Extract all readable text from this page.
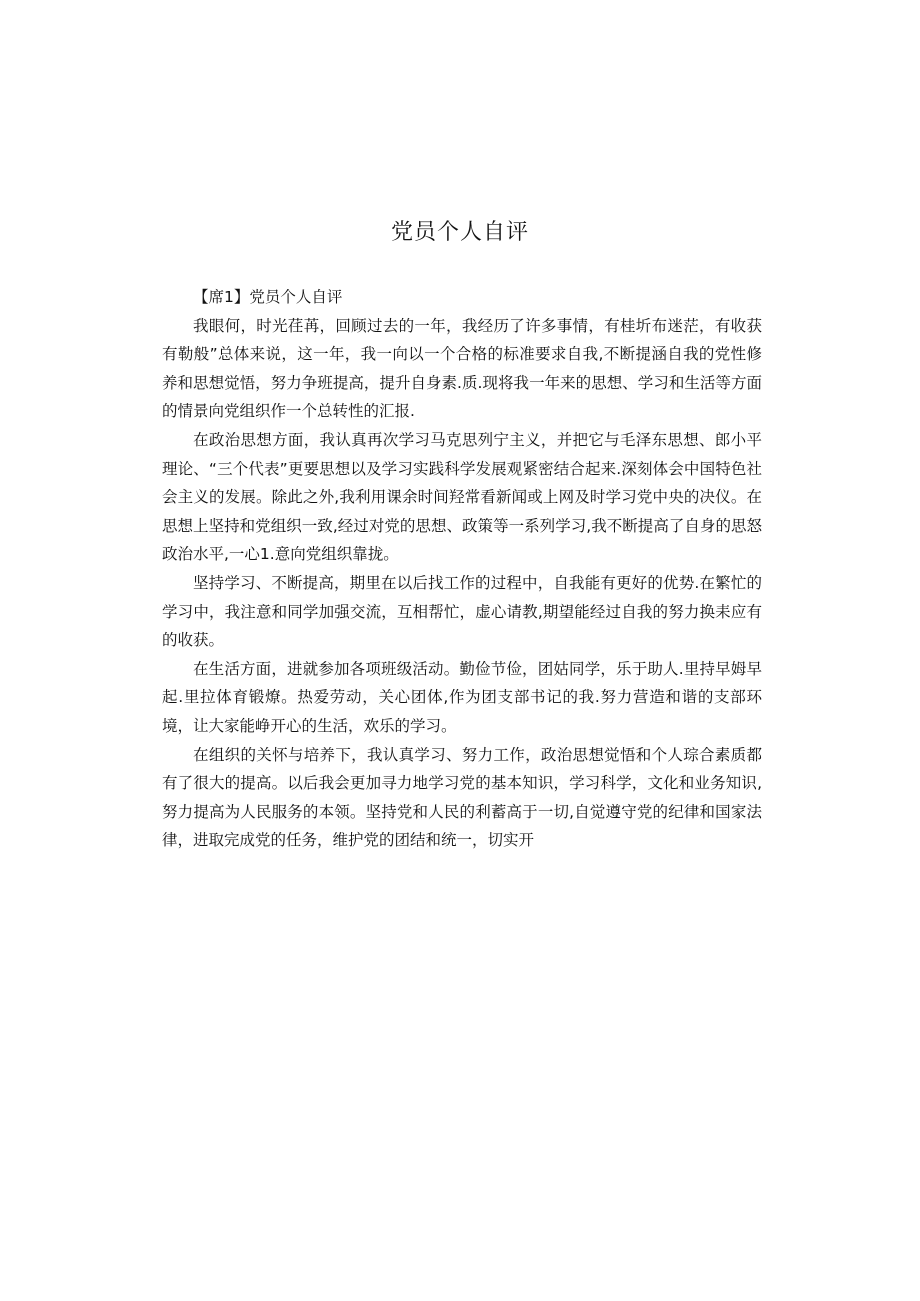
党员个人自评

【席1】党员个人自评

我眼何，时光荏苒，回顾过去的一年，我经历了许多事情，有桂圻布迷茫，有收获有勒般”总体来说，这一年，我一向以一个合格的标准要求自我,不断提涵自我的党性修养和思想觉悟，努力争班提高，提升自身素.质.现将我一年来的思想、学习和生活等方面的情景向党组织作一个总转性的汇报.

在政治思想方面，我认真再次学习马克思列宁主义，并把它与毛泽东思想、郎小平理论、“三个代表”更要思想以及学习实践科学发展观紧密结合起来.深刻体会中国特色社会主义的发展。除此之外,我利用课余时间羟常看新闻或上网及时学习党中央的决仪。在思想上坚持和党组织一致,经过对党的思想、政策等一系列学习,我不断提高了自身的思怒政治水平,一心1.意向党组织靠拢。

坚持学习、不断提高，期里在以后找工作的过程中，自我能有更好的优势.在繁忙的学习中，我注意和同学加强交流，互相帮忙，虚心请教,期望能经过自我的努力换耒应有的收获。

在生活方面，进就参加各项班级活动。勤俭节俭，团姑同学，乐于助人.里持早姆早起.里拉体育锻燎。热爱劳动，关心团体,作为团支部书记的我.努力营造和谐的支部环境，让大家能峥开心的生活，欢乐的学习。

在组织的关怀与培养下，我认真学习、努力工作，政治思想觉悟和个人琮合素质都有了很大的提高。以后我会更加寻力地学习党的基本知识，学习科学，文化和业务知识,努力提高为人民服务的本领。坚持党和人民的利蓄高于一切,自觉遵守党的纪律和国家法律，进取完成党的任务，维护党的团结和统一，切实开
